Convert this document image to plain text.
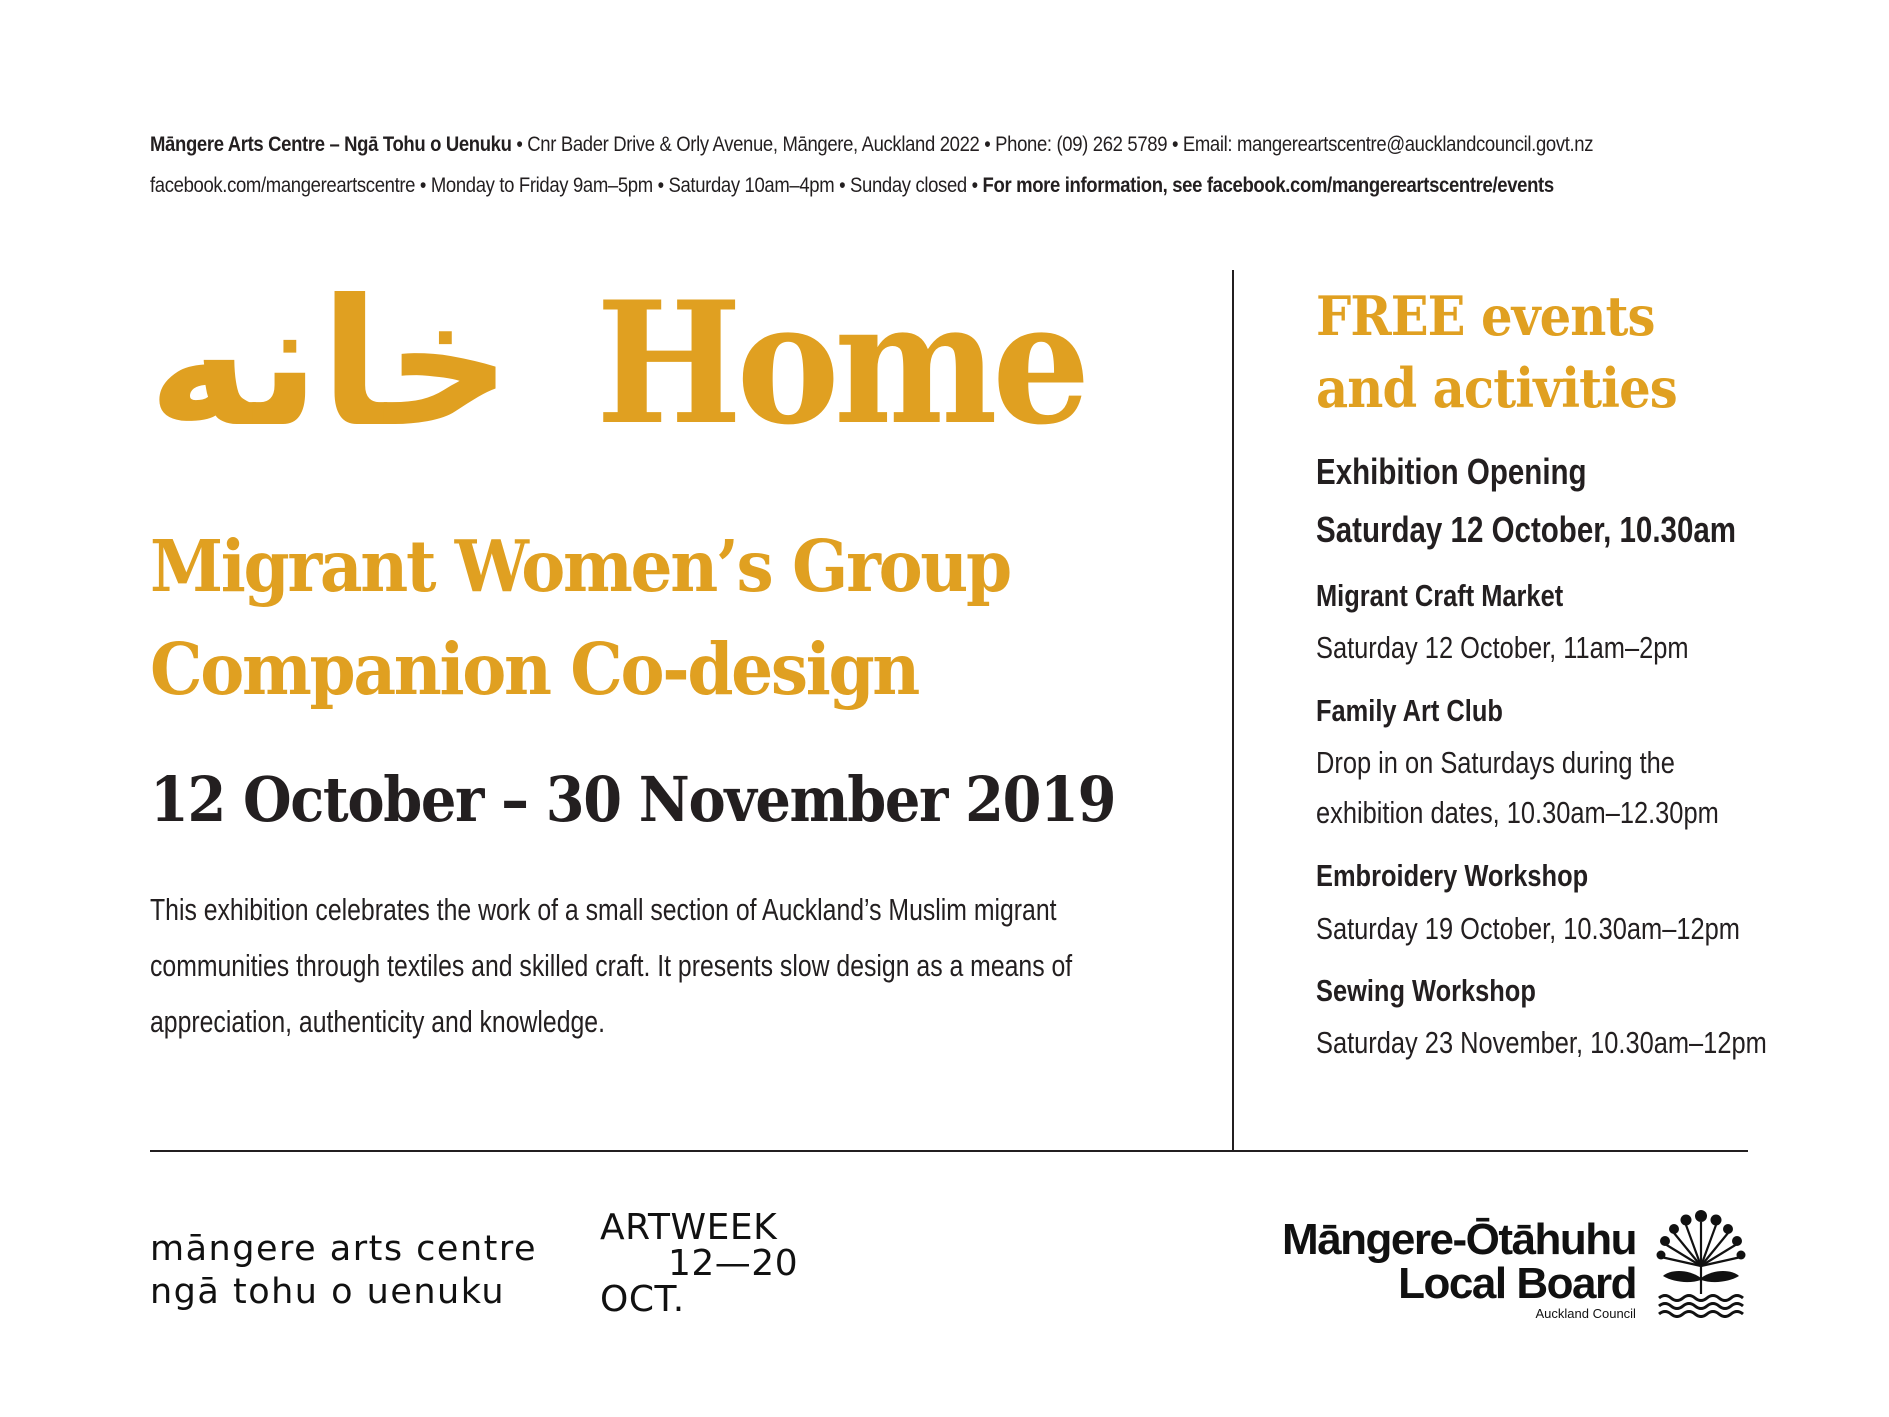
Māngere Arts Centre – Ngā Tohu o Uenuku • Cnr Bader Drive & Orly Avenue, Māngere, Auckland 2022 • Phone: (09) 262 5789 • Email: mangereartscentre@aucklandcouncil.govt.nz
facebook.com/mangereartscentre • Monday to Friday 9am–5pm • Saturday 10am–4pm • Sunday closed • For more information, see facebook.com/mangereartscentre/events
خانه Home
Migrant Women’s Group
Companion Co-design
12 October – 30 November 2019
This exhibition celebrates the work of a small section of Auckland’s Muslim migrant communities through textiles and skilled craft. It presents slow design as a means of appreciation, authenticity and knowledge.
FREE events
and activities
Exhibition Opening
Saturday 12 October, 10.30am
Migrant Craft Market
Saturday 12 October, 11am–2pm
Family Art Club
Drop in on Saturdays during the
exhibition dates, 10.30am–12.30pm
Embroidery Workshop
Saturday 19 October, 10.30am–12pm
Sewing Workshop
Saturday 23 November, 10.30am–12pm
māngere arts centre
ngā tohu o uenuku
ARTWEEK
12—20
OCT.
Māngere-Ōtāhuhu
Local Board
Auckland Council
